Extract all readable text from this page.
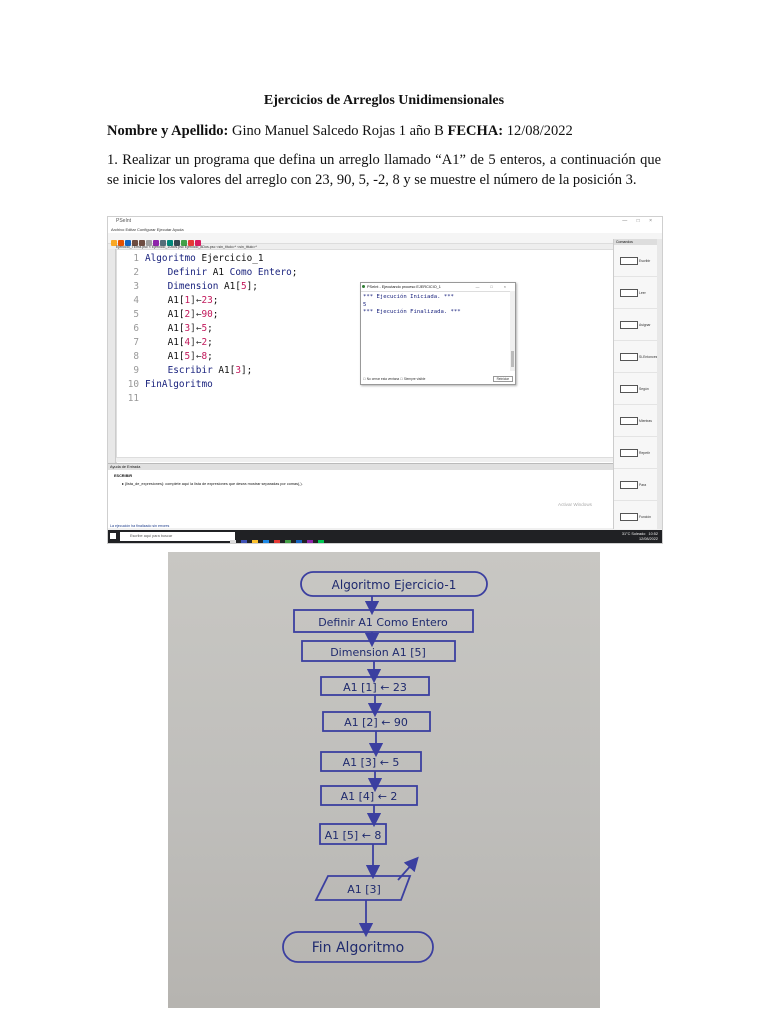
Ejercicios de Arreglos Unidimensionales
Nombre y Apellido: Gino Manuel Salcedo Rojas 1 año B FECHA: 12/08/2022
1. Realizar un programa que defina un arreglo llamado “A1” de 5 enteros, a continuación que se inicie los valores del arreglo con 23, 90, 5, -2, 8 y se muestre el número de la posición 3.
PSeInt	— □ ×
Archivo Editar Configurar Ejecutar Ayuda
Ejercicio_TEma.psc × Ejercicio_10dos.psc Ejercicio_8Dos.psc <sin_titulo>* <sin_titulo>*
1 Algoritmo Ejercicio_1
2    Definir A1 Como Entero;
3    Dimension A1[5];
4    A1[1]←23;
5    A1[2]←90;
6    A1[3]←5;
7    A1[4]←2;
8    A1[5]←8;
9    Escribir A1[3];
10 FinAlgoritmo
11
PSeInt - Ejecutando proceso EJERCICIO_1	— □ ×
*** Ejecución Iniciada. ***
5
*** Ejecución Finalizada. ***
☐ No cerrar esta ventana ☐ Siempre visible	Reiniciar
Comandos
Escribir
Leer
Asignar
Si-Entonces
Según
Mientras
Repetir
Para
Función
Ayuda de Entrada
ESCRIBIR
▸ {lista_de_expresiones}: complete aquí la lista de expresiones que desea mostrar separadas por comas(,).
Activar Windows
La ejecución ha finalizado sin errores
Escribe aquí para buscar	31°C Soleado 10:52
12/08/2022
Algoritmo Ejercicio-1
Definir A1 Como Entero
Dimension A1 [5]
A1 [1] ← 23
A1 [2] ← 90
A1 [3] ← 5
A1 [4] ← 2
A1 [5] ← 8
A1 [3]
Fin Algoritmo
